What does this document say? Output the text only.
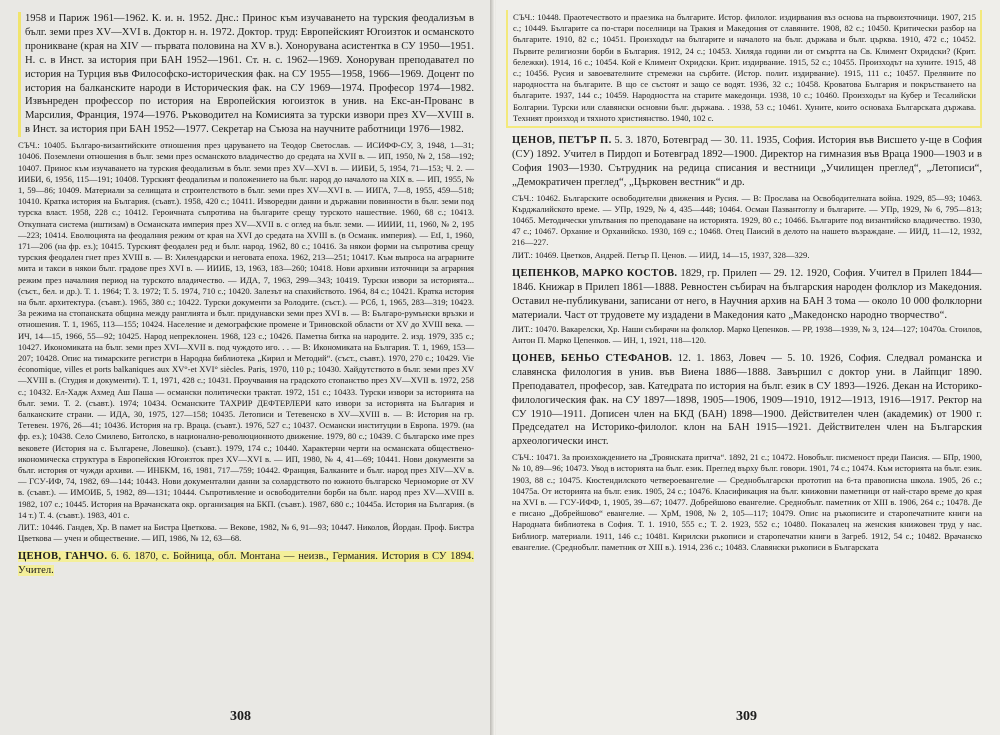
1958 и Париж 1961—1962. К. и. н. 1952. Днс.: Принос към изучаването на турския феодализъм в бълг. земи през XV—XVI в. Доктор н. н. 1972. Доктор. труд: Европейският Югоизток и османското проникване (края на XIV — първата половина на XV в.). Хоноруванa асистентка в СУ 1950—1951. Н. с. в Инст. за история при БАН 1952—1961. Ст. н. с. 1962—1969. Хоноруван преподавател по история на Турция във Философско-историческия фак. на СУ 1955—1958, 1966—1969. Доцент по история на балканските народи в Историческия фак. на СУ 1969—1974. Професор 1974—1982. Извънреден профессор по история на Европейския югоизток в унив. на Екс-ан-Прованс в Марсилия, Франция, 1974—1976. Ръководител на Комисията за турски извори през XV—XVIII в. в Инст. за история при БАН 1952—1977. Секретар на Съюза на научните работници 1976—1982.

СЪЧ.: 10405. Българо-византийските отношения през царуването на Теодор Светослав. — ИСИФФ-СУ, 3, 1948, 1—31; 10406. Поземлени отношения в бълг. земи през османското владичество до средата на XVII в. — ИП, 1950, № 2, 158—192; 10407. Принос към изучаването на турския феодализъм в бълг. земи през XV—XVI в. — ИИБИ, 5, 1954, 71—153; Ч. 2. — ИИБИ, 6, 1956, 115—191; 10408. Турският феодализъм и положението на бълг. народ до началото на XIX в. — ИП, 1955, № 1, 59—86; 10409. Материали за селищата и строителството в бълг. земи през XV—XVI в. — ИИГА, 7—8, 1955, 459—518; 10410. Кратка история на България. (съавт.). 1958, 420 с.; 10411. Изворедни данни и държавни повинности в бълг. земи под турска власт. 1958, 228 с.; 10412. Героичната съпротива на българите срещу турското нашествие. 1960, 68 с.; 10413. Откупната система (иштизам) в Османската империя през XV—XVII в. с оглед на бълг. земи. — ИИИИ, 11, 1960, № 2, 195—223; 10414. Еволюцията на феодалния режим от края на XVI до средата на XVIII в. (в Османк. империя). — ЕtІ, 1, 1960, 171—206 (на фр. ез.); 10415. Турският феодален ред и бълг. народ. 1962, 80 с.; 10416. За някои форми на съпротива срещу турския феодален гнет през XVIII в. — В: Хилендарски и неговата епоха. 1962, 213—251; 10417. Към въпроса на аграрните мита и такси в някои бълг. градове през XVI в. — ИИИБ, 13, 1963, 183—260; 10418. Нови архивни източници за аграрния режим през началния период на турското владичество. — ИДА, 7, 1963, 299—343; 10419. Турски извори за историята... (съст., бел. и др.). Т. 1. 1964; Т. 3. 1972; Т. 5. 1974, 710 с.; 10420. Залезът на спахийството. 1964, 84 с.; 10421. Кратка история на бълг. архитектура. (съавт.). 1965, 380 с.; 10422. Турски документи за Ролодите. (съст.). — РСб, 1, 1965, 283—319; 10423. За режима на стопанската община между ранглията и бълг. придунавски земи през XVI в. — В: Българо-румънски връзки и отношения. Т. 1, 1965, 113—155; 10424. Население и демографские промене и Триновской области от XV до XVIII века. — ИЧ, 14—15, 1966, 55—92; 10425. Народ непреклонен. 1968, 123 с.; 10426. Паметна битка на народите. 2. изд. 1979, 335 с.; 10427. Икономиката на бълг. земи през XVI—XVII в. под чуждото иго. . . — В: Икономиката на България. Т. 1, 1969, 153—207; 10428. Опис на тимарските регистри в Народна библиотека „Кирил и Методий“. (съст., съавт.). 1970, 270 с.; 10429. Vie économique, villes et ports balkaniques aux XV°-et XVI° siècles. Paris, 1970, 110 р.; 10430. Хайдутството в бълг. земи през XV—XVIII в. (Студия и документи). Т. 1, 1971, 428 с.; 10431. Проучвания на градското стопанство през XV—XVII в. 1972, 258 с.; 10432. Ел-Хадж Ахмед Аш Паша — османски политически трактат. 1972, 151 с.; 10433. Турски извори за историята на бълг. земи. Т. 2. (съавт.). 1974; 10434. Османските ТАХРИР ДЕФТЕРЛЕРИ като извори за историята на България и балканските страни. — ИДА, 30, 1975, 127—158; 10435. Летописи и Тетевенско в XV—XVIII в. — В: История на гр. Тетевен. 1976, 26—41; 10436. История на гр. Враца. (съавт.). 1976, 527 с.; 10437. Османски институции в Европа. 1979. (на фр. ез.); 10438. Село Смилево, Битолско, в национално-революционното движение. 1979, 80 с.; 10439. С българско име през вековете (История на с. Българене, Ловешко). (съавт.). 1979, 174 с.; 10440. Характерни черти на османската обществено-икономическа структура в Европейския Югоизток през XV—XVI в. — ИП, 1980, № 4, 41—69; 10441. Нови документи за бълг. история от чужди архиви. — ИНБКМ, 16, 1981, 717—759; 10442. Франция, Балканите и бълг. народ през XIV—XV в. — ГСУ-ИФ, 74, 1982, 69—144; 10443. Нови документални данни за солардството по южното българско Черноморие от XV в. (съавт.). — ИМОИБ, 5, 1982, 89—131; 10444. Съпротивление и освободителни борби на бълг. народ през XV—XVIII в. 1982, 107 с.; 10445. История на Врачанската окр. организация на БКП. (съавт.). 1987, 680 с.; 10445а. История на България. (в 14 т.) Т. 4. (съавт.). 1983, 401 с.

ЛИТ.: 10446. Гандев, Хр. В памет на Бистра Цветкова. — Векове, 1982, № 6, 91—93; 10447. Николов, Йордан. Проф. Бистра Цветкова — учен и обществение. — ИП, 1986, № 12, 63—68.

ЦЕНОВ, ГАНЧО. 6. 6. 1870, с. Бойница, обл. Монтана — неизв., Германия. История в СУ 1894. Учител.

308

СЪЧ.: 10448. Праотечеството и праезика на българите. Истор. филолог. издирвания въз основа на първоизточници. 1907, 215 с.; 10449. Българите са по-стари поселници на Тракия и Македония от славяните. 1908, 82 с.; 10450. Критически разбор на българите. 1910, 82 с.; 10451. Произходът на българите и началото на бълг. държава и бълг. църква. 1910, 472 с.; 10452. Първите религиозни борби в България. 1912, 24 с.; 10453. Хиляда години ли от смъртта на Св. Климент Охридски? (Крит. бележки). 1914, 16 с.; 10454. Кой е Климент Охридски. Крит. издирвание. 1915, 52 с.; 10455. Произходът на хуните. 1915, 48 с.; 10456. Русия и завоевателните стремежи на сърбите. (Истор. полит. издирвание). 1915, 111 с.; 10457. Преляните по народността на българите. В що се състоят и защо се водят. 1936, 32 с.; 10458. Кроватова България и покръстването на българите. 1937, 144 с.; 10459. Народността на старите македонци. 1938, 10 с.; 10460. Произходът на Кубер и Тесалийски Болгарии. Турски или славянски основни бълг. държава. . 1938, 53 с.; 10461. Хуните, които основаха Българската държава. Техният произход и тяхното християнство. 1940, 102 с.

ЦЕНОВ, ПЕТЪР П. 5. 3. 1870, Ботевград — 30. 11. 1935, София. История във Висшето у-ще в София (СУ) 1892. Учител в Пирдоп и Ботевград 1892—1900. Директор на гимназия във Враца 1900—1903 и в София 1903—1930. Сътрудник на редица списания и вестници „Училищен преглед“, „Летописи“, „Демократичен преглед“, „Църковен вестник“ и др.

СЪЧ.: 10462. Българските освободителни движения и Русия. — В: Прослава на Освободителната война. 1929, 85—93; 10463. Кърджалийското време. — УПр, 1929, № 4, 435—448; 10464. Осман Пазвантоглу и българите. — УПр, 1929, № 6, 795—813; 10465. Методически упътвания по преподаване на историята. 1929, 80 с.; 10466. Българите под византийско владичество. 1930, 47 с.; 10467. Орхание и Орханийско. 1930, 169 с.; 10468. Отец Паисий в делото на нашето възраждане. — ИИД, 11—12, 1932, 216—227.

ЛИТ.: 10469. Цветков, Андрей. Петър П. Ценов. — ИИД, 14—15, 1937, 328—329.

ЦЕПЕНКОВ, МАРКО КОСТОВ. 1829, гр. Прилеп — 29. 12. 1920, София. Учител в Прилеп 1844—1846. Книжар в Прилеп 1861—1888. Ревностен събирач на българския народен фолклор из Македония. Оставил не-публикувани, записани от него, в Научния архив на БАН 3 тома — около 10 000 фолклорни материали. Част от трудовете му издадени в Македония като „Македонско народно творчество“.

ЛИТ.: 10470. Вакарелски, Хр. Наши събирачи на фолклор. Марко Цепенков. — РР, 1938—1939, № 3, 124—127; 10470а. Стоилов, Антон П. Марко Цепенков. — ИН, 1, 1921, 118—120.

ЦОНЕВ, БЕНЬО СТЕФАНОВ. 12. 1. 1863, Ловеч — 5. 10. 1926, София. Следвал романска и славянска филология в унив. във Виена 1886—1888. Завършил с доктор уни. в Лайпциг 1890. Преподавател, професор, зав. Катедрата по история на бълг. език в СУ 1893—1926. Декан на Историко-филологическия фак. на СУ 1897—1898, 1905—1906, 1909—1910, 1912—1913, 1916—1917. Ректор на СУ 1910—1911. Дописен член на БКД (БАН) 1898—1900. Действителен член (академик) от 1900 г. Председател на Историко-филолог. клон на БАН 1915—1921. Действителен член на Българския археологически инст.

СЪЧ.: 10471. За произхождението на „Троянската притча“. 1892, 21 с.; 10472. Новобълг. писменост преди Паисия. — БПр, 1900, № 10, 89—96; 10473. Увод в историята на бълг. език. Преглед върху бълг. говори. 1901, 74 с.; 10474. Към историята на бълг. език. 1903, 88 с.; 10475. Кюстендилското четвероевангелие — Среднобългарски прототип на 6-та правописна школа. 1905, 26 с.; 10475а. От историята на бълг. език. 1905, 24 с.; 10476. Класификация на бълг. книжовни паметници от най-старо време до края на XVI в. — ГСУ-ИФФ, 1, 1905, 39—67; 10477. Добрейшово евангелие. Среднобълг. паметник от XIII в. 1906, 264 с.; 10478. Де е писано „Добрейшово“ евангелие. — ХрМ, 1908, № 2, 105—117; 10479. Опис на ръкописите и старопечатните книги на Народната библиотека в София. Т. 1. 1910, 555 с.; Т. 2. 1923, 552 с.; 10480. Показалец на женския книжовен труд у нас. Библиогр. материали. 1911, 146 с.; 10481. Кирилски ръкописи и старопечатни книги в Загреб. 1912, 54 с.; 10482. Врачанско евангелие. (Среднобълг. паметник от XIII в.). 1914, 236 с.; 10483. Славянски ръкописи в Българската

309
